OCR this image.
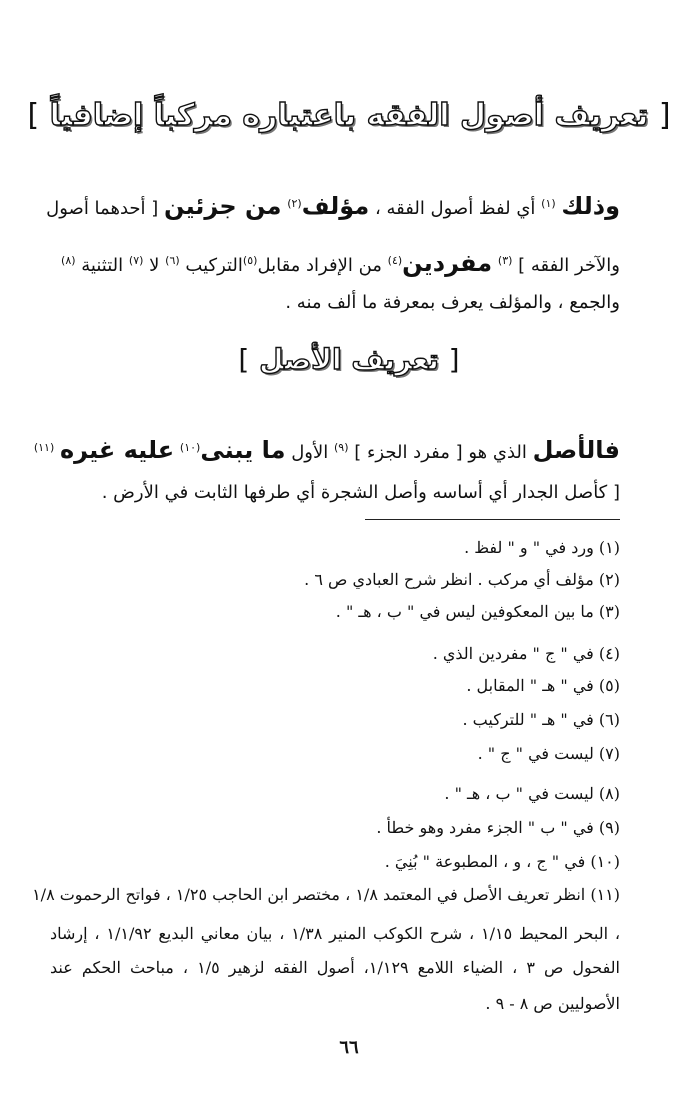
[ تعريف أصول الفقه باعتباره مركباً إضافياً ]
وذلك $^{(١)}$ أي لفظ أصول الفقه ، مؤلف$^{(٢)}$ من جزئين [ أحدهما أصول
والآخر الفقه ] $^{(٣)}$ مفردين$^{(٤)}$ من الإفراد مقابل$^{(٥)}$التركيب $^{(٦)}$ لا $^{(٧)}$ التثنية $^{(٨)}$
والجمع ، والمؤلف يعرف بمعرفة ما ألف منه .
[ تعريف الأصل ]
فالأصل الذي هو [ مفرد الجزء ] $^{(٩)}$ الأول ما يبنى$^{(١٠)}$ عليه غيره $^{(١١)}$
[ كأصل الجدار أي أساسه وأصل الشجرة أي طرفها الثابت في الأرض .
(١) ورد في " و " لفظ .
(٢) مؤلف أي مركب . انظر شرح العبادي ص ٦ .
(٣) ما بين المعكوفين ليس في " ب ، هـ " .
(٤) في " ج " مفردين الذي .
(٥) في " هـ " المقابل .
(٦) في " هـ " للتركيب .
(٧) ليست في " ج " .
(٨) ليست في " ب ، هـ " .
(٩) في " ب " الجزء مفرد وهو خطأ .
(١٠) في " ج ، و ، المطبوعة " بُنِيَ .
(١١) انظر تعريف الأصل في المعتمد ١/٨ ، مختصر ابن الحاجب ١/٢٥ ، فواتح الرحموت ١/٨
، البحر المحيط ١/١٥ ، شرح الكوكب المنير ١/٣٨ ، بيان معاني البديع ١/١/٩٢ ، إرشاد
الفحول ص ٣ ، الضياء اللامع ١/١٢٩، أصول الفقه لزهير ١/٥ ، مباحث الحكم عند
الأصوليين ص ٨ - ٩ .
٦٦
